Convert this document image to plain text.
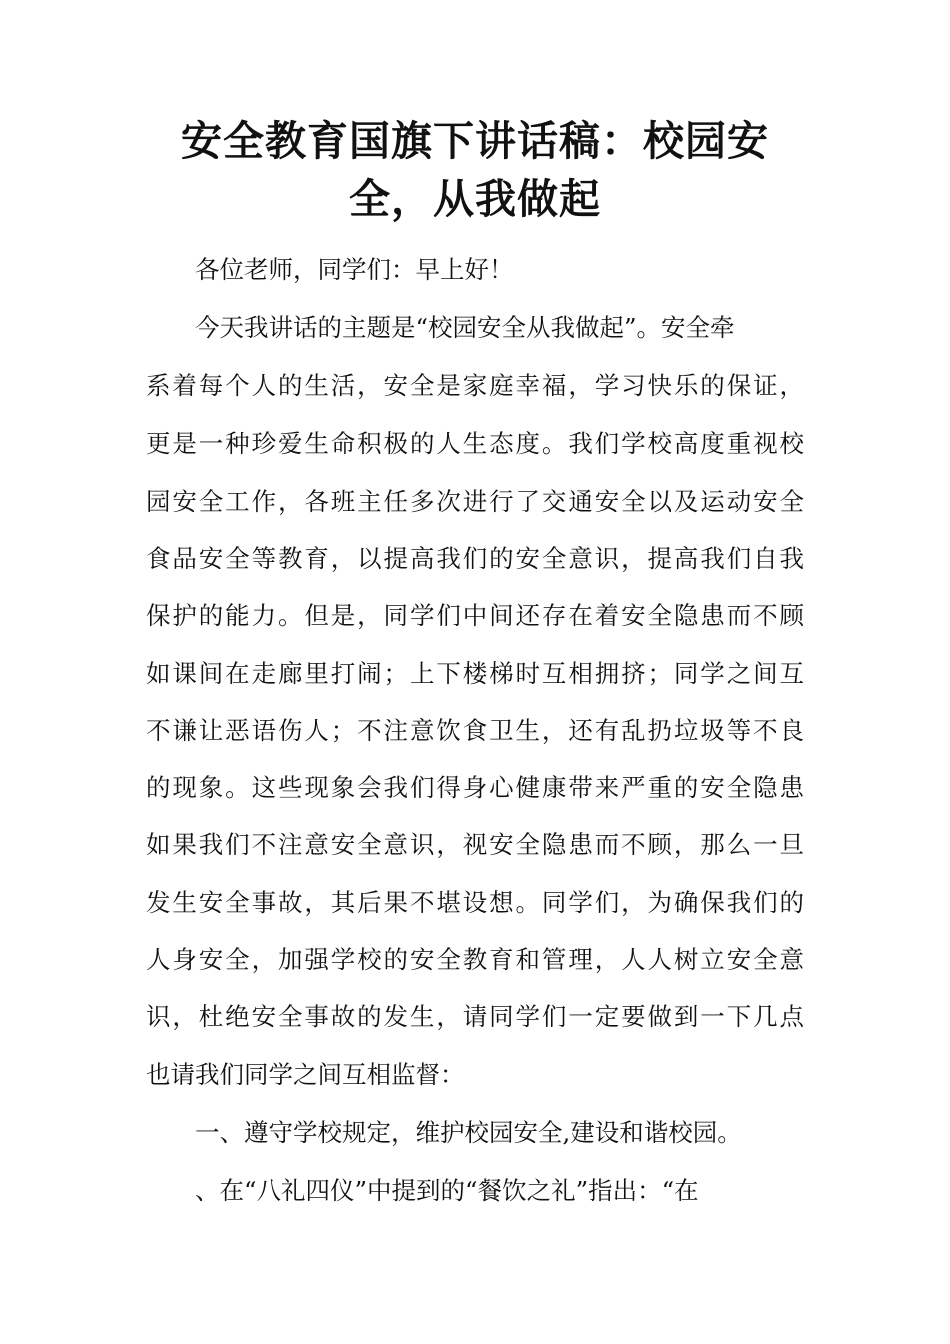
安全教育国旗下讲话稿：校园安全，从我做起
各位老师，同学们：早上好！
今天我讲话的主题是“校园安全从我做起”。安全牵
系着每个人的生活，安全是家庭幸福，学习快乐的保证，
更是一种珍爱生命积极的人生态度。我们学校高度重视校
园安全工作，各班主任多次进行了交通安全以及运动安全
食品安全等教育，以提高我们的安全意识，提高我们自我
保护的能力。但是，同学们中间还存在着安全隐患而不顾
如课间在走廊里打闹；上下楼梯时互相拥挤；同学之间互
不谦让恶语伤人；不注意饮食卫生，还有乱扔垃圾等不良
的现象。这些现象会我们得身心健康带来严重的安全隐患
如果我们不注意安全意识，视安全隐患而不顾，那么一旦
发生安全事故，其后果不堪设想。同学们，为确保我们的
人身安全，加强学校的安全教育和管理，人人树立安全意
识，杜绝安全事故的发生，请同学们一定要做到一下几点
也请我们同学之间互相监督：
一、遵守学校规定，维护校园安全,建设和谐校园。
、在“八礼四仪”中提到的“餐饮之礼”指出：“在
